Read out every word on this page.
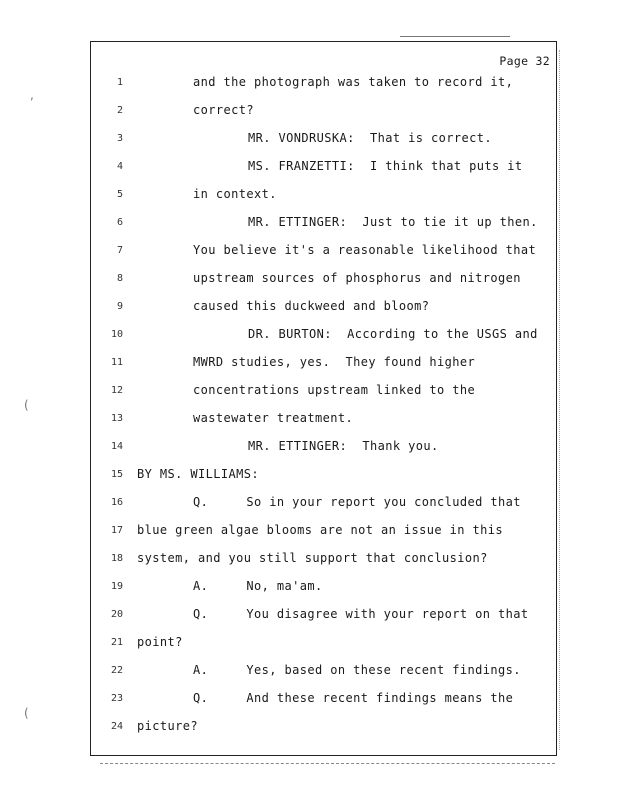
,
(
(
Page 32
1	and the photograph was taken to record it,
2	correct?
3	MR. VONDRUSKA:  That is correct.
4	MS. FRANZETTI:  I think that puts it
5	in context.
6	MR. ETTINGER:  Just to tie it up then.
7	You believe it's a reasonable likelihood that
8	upstream sources of phosphorus and nitrogen
9	caused this duckweed and bloom?
10	DR. BURTON:  According to the USGS and
11	MWRD studies, yes.  They found higher
12	concentrations upstream linked to the
13	wastewater treatment.
14	MR. ETTINGER:  Thank you.
15 BY MS. WILLIAMS:
16	Q.     So in your report you concluded that
17 blue green algae blooms are not an issue in this
18 system, and you still support that conclusion?
19	A.     No, ma'am.
20	Q.     You disagree with your report on that
21 point?
22	A.     Yes, based on these recent findings.
23	Q.     And these recent findings means the
24 picture?
